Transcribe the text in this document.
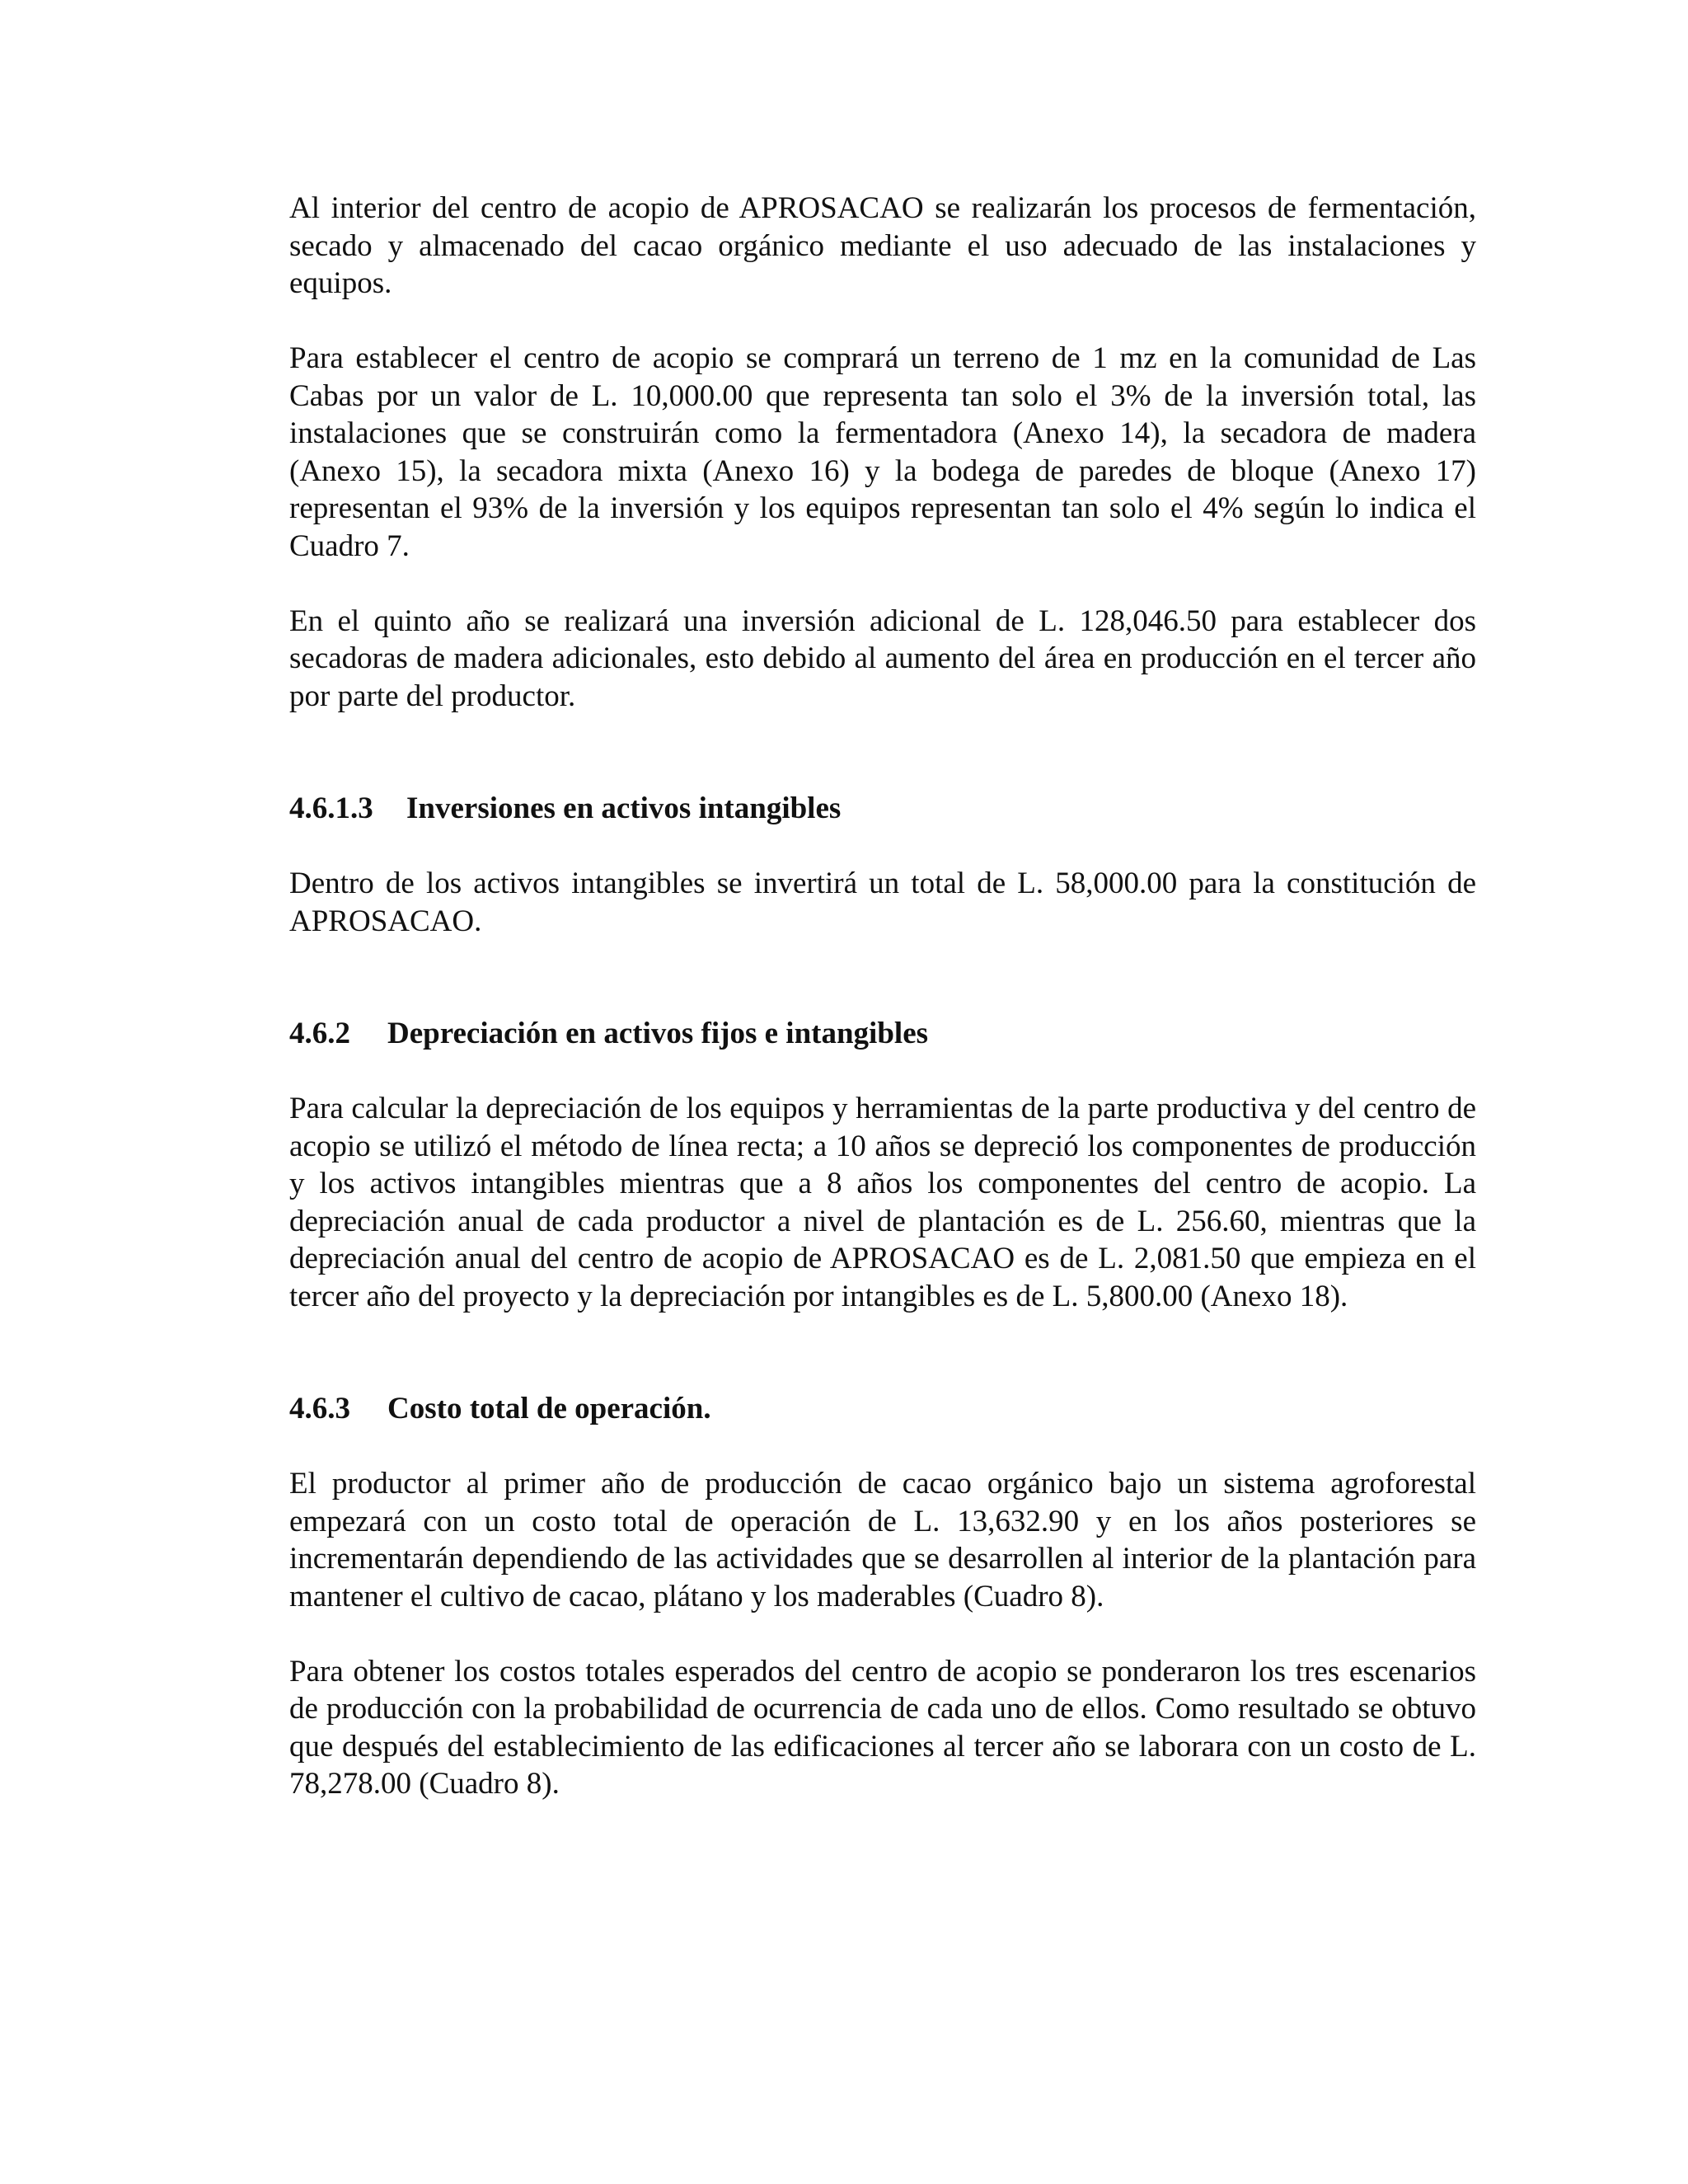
Al interior del centro de acopio de APROSACAO se realizarán los procesos de fermentación, secado y almacenado del cacao orgánico mediante el uso adecuado de las instalaciones y equipos.

Para establecer el centro de acopio se comprará un terreno de 1 mz en la comunidad de Las Cabas por un valor de L. 10,000.00 que representa tan solo el 3% de la inversión total, las instalaciones que se construirán como la fermentadora (Anexo 14), la secadora de madera (Anexo 15), la secadora mixta (Anexo 16) y la bodega de paredes de bloque (Anexo 17) representan el 93% de la inversión y los equipos representan tan solo el 4% según lo indica el Cuadro 7.

En el quinto año se realizará una inversión adicional de L. 128,046.50 para establecer dos secadoras de madera adicionales, esto debido al aumento del área en producción en el tercer año por parte del productor.

4.6.1.3 Inversiones en activos intangibles

Dentro de los activos intangibles se invertirá un total de L. 58,000.00 para la constitución de APROSACAO.

4.6.2 Depreciación en activos fijos e intangibles

Para calcular la depreciación de los equipos y herramientas de la parte productiva y del centro de acopio se utilizó el método de línea recta; a 10 años se depreció los componentes de producción y los activos intangibles mientras que a 8 años los componentes del centro de acopio. La depreciación anual de cada productor a nivel de plantación es de L. 256.60, mientras que la depreciación anual del centro de acopio de APROSACAO es de L. 2,081.50 que empieza en el tercer año del proyecto y la depreciación por intangibles es de L. 5,800.00 (Anexo 18).

4.6.3 Costo total de operación.

El productor al primer año de producción de cacao orgánico bajo un sistema agroforestal empezará con un costo total de operación de L. 13,632.90 y en los años posteriores se incrementarán dependiendo de las actividades que se desarrollen al interior de la plantación para mantener el cultivo de cacao, plátano y los maderables (Cuadro 8).

Para obtener los costos totales esperados del centro de acopio se ponderaron los tres escenarios de producción con la probabilidad de ocurrencia de cada uno de ellos. Como resultado se obtuvo que después del establecimiento de las edificaciones al tercer año se laborara con un costo de L. 78,278.00 (Cuadro 8).
